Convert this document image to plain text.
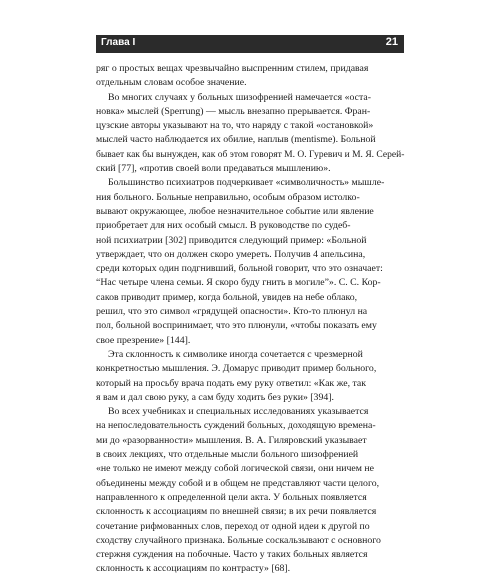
Глава I	21
ряг о простых вещах чрезвычайно выспренним стилем, придавая
отдельным словам особое значение.
Во многих случаях у больных шизофренией намечается «оста-
новка» мыслей (Sperrung) — мысль внезапно прерывается. Фран-
цузские авторы указывают на то, что наряду с такой «остановкой»
мыслей часто наблюдается их обилие, наплыв (mentisme). Больной
бывает как бы вынужден, как об этом говорят М. О. Гуревич и М. Я. Серей-
ский [77], «против своей воли предаваться мышлению».
Большинство психиатров подчеркивает «символичность» мышле-
ния больного. Больные неправильно, особым образом истолко-
вывают окружающее, любое незначительное событие или явление
приобретает для них особый смысл. В руководстве по судеб-
ной психиатрии [302] приводится следующий пример: «Больной
утверждает, что он должен скоро умереть. Получив 4 апельсина,
среди которых один подгнивший, больной говорит, что это означает:
“Нас четыре члена семьи. Я скоро буду гнить в могиле”». С. С. Кор-
саков приводит пример, когда больной, увидев на небе облако,
решил, что это символ «грядущей опасности». Кто-то плюнул на
пол, больной воспринимает, что это плюнули, «чтобы показать ему
свое презрение» [144].
Эта склонность к символике иногда сочетается с чрезмерной
конкретностью мышления. Э. Домарус приводит пример больного,
который на просьбу врача подать ему руку ответил: «Как же, так
я вам и дал свою руку, а сам буду ходить без руки» [394].
Во всех учебниках и специальных исследованиях указывается
на непоследовательность суждений больных, доходящую времена-
ми до «разорванности» мышления. В. А. Гиляровский указывает
в своих лекциях, что отдельные мысли больного шизофренией
«не только не имеют между собой логической связи, они ничем не
объединены между собой и в общем не представляют части целого,
направленного к определенной цели акта. У больных появляется
склонность к ассоциациям по внешней связи; в их речи появляется
сочетание рифмованных слов, переход от одной идеи к другой по
сходству случайного признака. Больные соскальзывают с основного
стержня суждения на побочные. Часто у таких больных является
склонность к ассоциациям по контрасту» [68].
